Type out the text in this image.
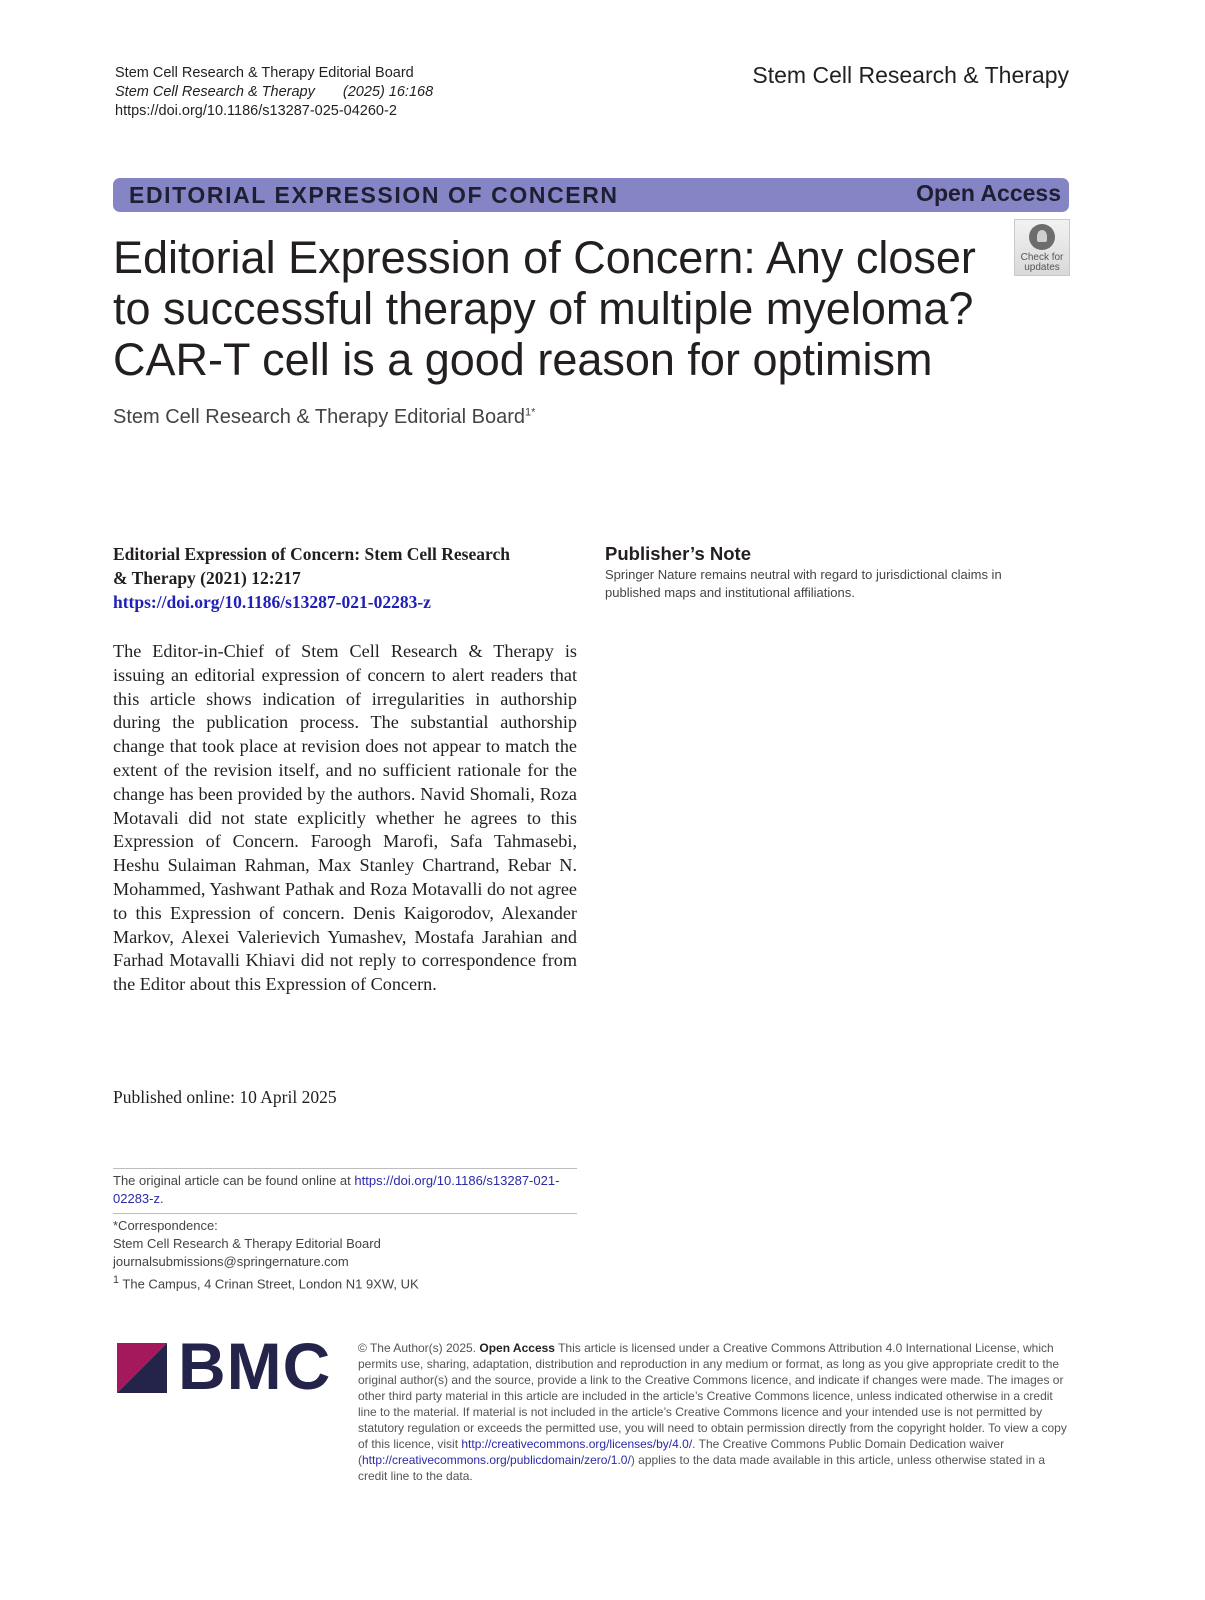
Stem Cell Research & Therapy Editorial Board
Stem Cell Research & Therapy (2025) 16:168
https://doi.org/10.1186/s13287-025-04260-2
Stem Cell Research & Therapy
EDITORIAL EXPRESSION OF CONCERN	Open Access
Check for
updates
Editorial Expression of Concern: Any closer
to successful therapy of multiple myeloma?
CAR-T cell is a good reason for optimism
Stem Cell Research & Therapy Editorial Board$^{1*}$
Editorial Expression of Concern: Stem Cell Research
& Therapy (2021) 12:217
https://doi.org/10.1186/s13287-021-02283-z
The Editor-in-Chief of Stem Cell Research & Therapy is issuing an editorial expression of concern to alert readers that this article shows indication of irregularities in authorship during the publication process. The substantial authorship change that took place at revision does not appear to match the extent of the revision itself, and no sufficient rationale for the change has been provided by the authors. Navid Shomali, Roza Motavali did not state explicitly whether he agrees to this Expression of Concern. Faroogh Marofi, Safa Tahmasebi, Heshu Sulaiman Rahman, Max Stanley Chartrand, Rebar N. Mohammed, Yashwant Pathak and Roza Motavalli do not agree to this Expression of concern. Denis Kaigorodov, Alexander Markov, Alexei Valerievich Yumashev, Mostafa Jarahian and Farhad Motavalli Khiavi did not reply to correspondence from the Editor about this Expression of Concern.
Published online: 10 April 2025
Publisher’s Note
Springer Nature remains neutral with regard to jurisdictional claims in published maps and institutional affiliations.
The original article can be found online at https://doi.org/10.1186/s13287-021-02283-z.
*Correspondence:
Stem Cell Research & Therapy Editorial Board
journalsubmissions@springernature.com
$^1$ The Campus, 4 Crinan Street, London N1 9XW, UK
BMC © The Author(s) 2025. Open Access This article is licensed under a Creative Commons Attribution 4.0 International License, which permits use, sharing, adaptation, distribution and reproduction in any medium or format, as long as you give appropriate credit to the original author(s) and the source, provide a link to the Creative Commons licence, and indicate if changes were made. The images or other third party material in this article are included in the article’s Creative Commons licence, unless indicated otherwise in a credit line to the material. If material is not included in the article’s Creative Commons licence and your intended use is not permitted by statutory regulation or exceeds the permitted use, you will need to obtain permission directly from the copyright holder. To view a copy of this licence, visit http://creativecommons.org/licenses/by/4.0/. The Creative Commons Public Domain Dedication waiver (http://creativecommons.org/publicdomain/zero/1.0/) applies to the data made available in this article, unless otherwise stated in a credit line to the data.
